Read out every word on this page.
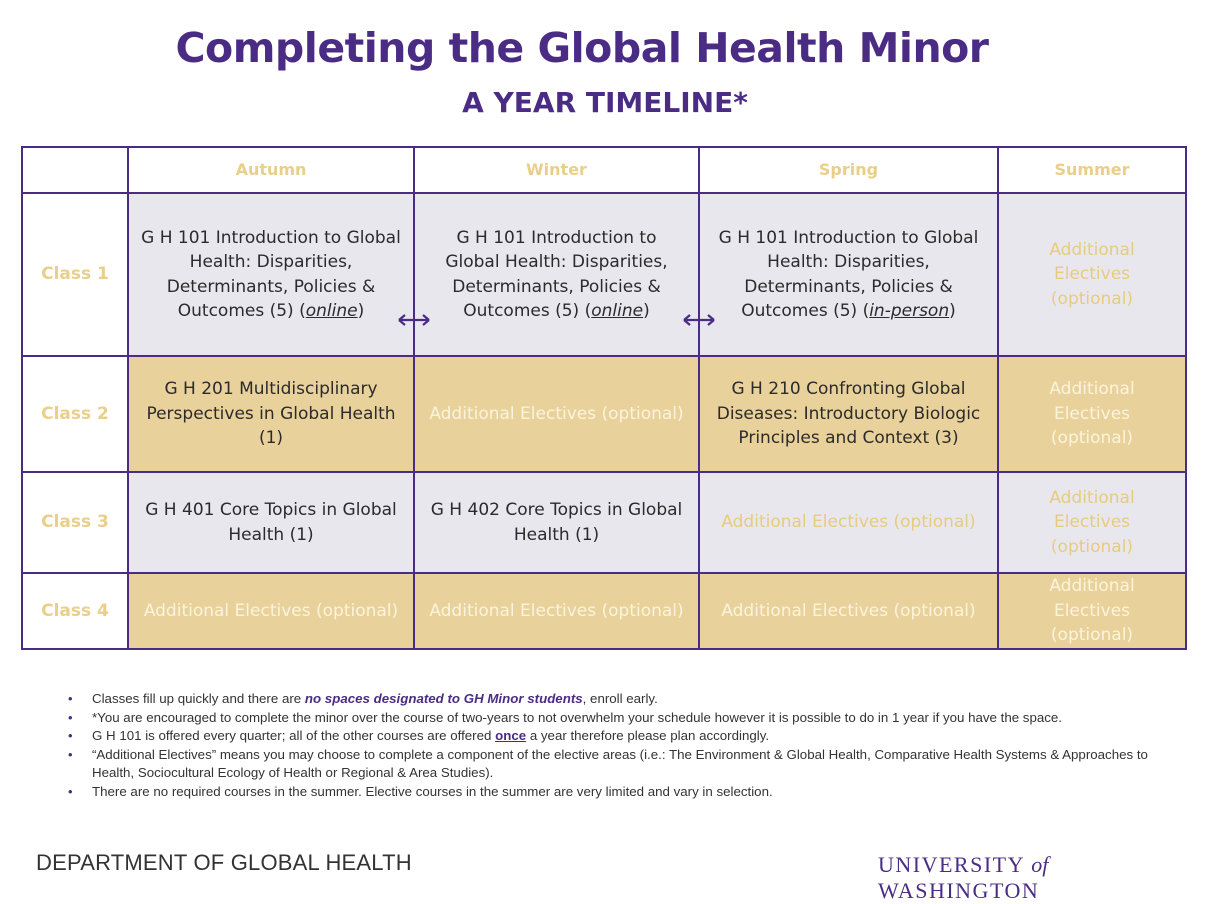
Completing the Global Health Minor
A YEAR TIMELINE*
	Autumn	Winter	Spring	Summer
Class 1	G H 101 Introduction to Global Health: Disparities, Determinants, Policies & Outcomes (5) (online)	G H 101 Introduction to Global Health: Disparities, Determinants, Policies & Outcomes (5) (online)	G H 101 Introduction to Global Health: Disparities, Determinants, Policies & Outcomes (5) (in-person)	Additional Electives (optional)
Class 2	G H 201 Multidisciplinary Perspectives in Global Health (1)	Additional Electives (optional)	G H 210 Confronting Global Diseases: Introductory Biologic Principles and Context (3)	Additional Electives (optional)
Class 3	G H 401 Core Topics in Global Health (1)	G H 402 Core Topics in Global Health (1)	Additional Electives (optional)	Additional Electives (optional)
Class 4	Additional Electives (optional)	Additional Electives (optional)	Additional Electives (optional)	Additional Electives (optional)
• Classes fill up quickly and there are no spaces designated to GH Minor students, enroll early.
• *You are encouraged to complete the minor over the course of two-years to not overwhelm your schedule however it is possible to do in 1 year if you have the space.
• G H 101 is offered every quarter; all of the other courses are offered once a year therefore please plan accordingly.
• “Additional Electives” means you may choose to complete a component of the elective areas (i.e.: The Environment & Global Health, Comparative Health Systems & Approaches to Health, Sociocultural Ecology of Health or Regional & Area Studies).
• There are no required courses in the summer. Elective courses in the summer are very limited and vary in selection.
DEPARTMENT OF GLOBAL HEALTH	UNIVERSITY of WASHINGTON
